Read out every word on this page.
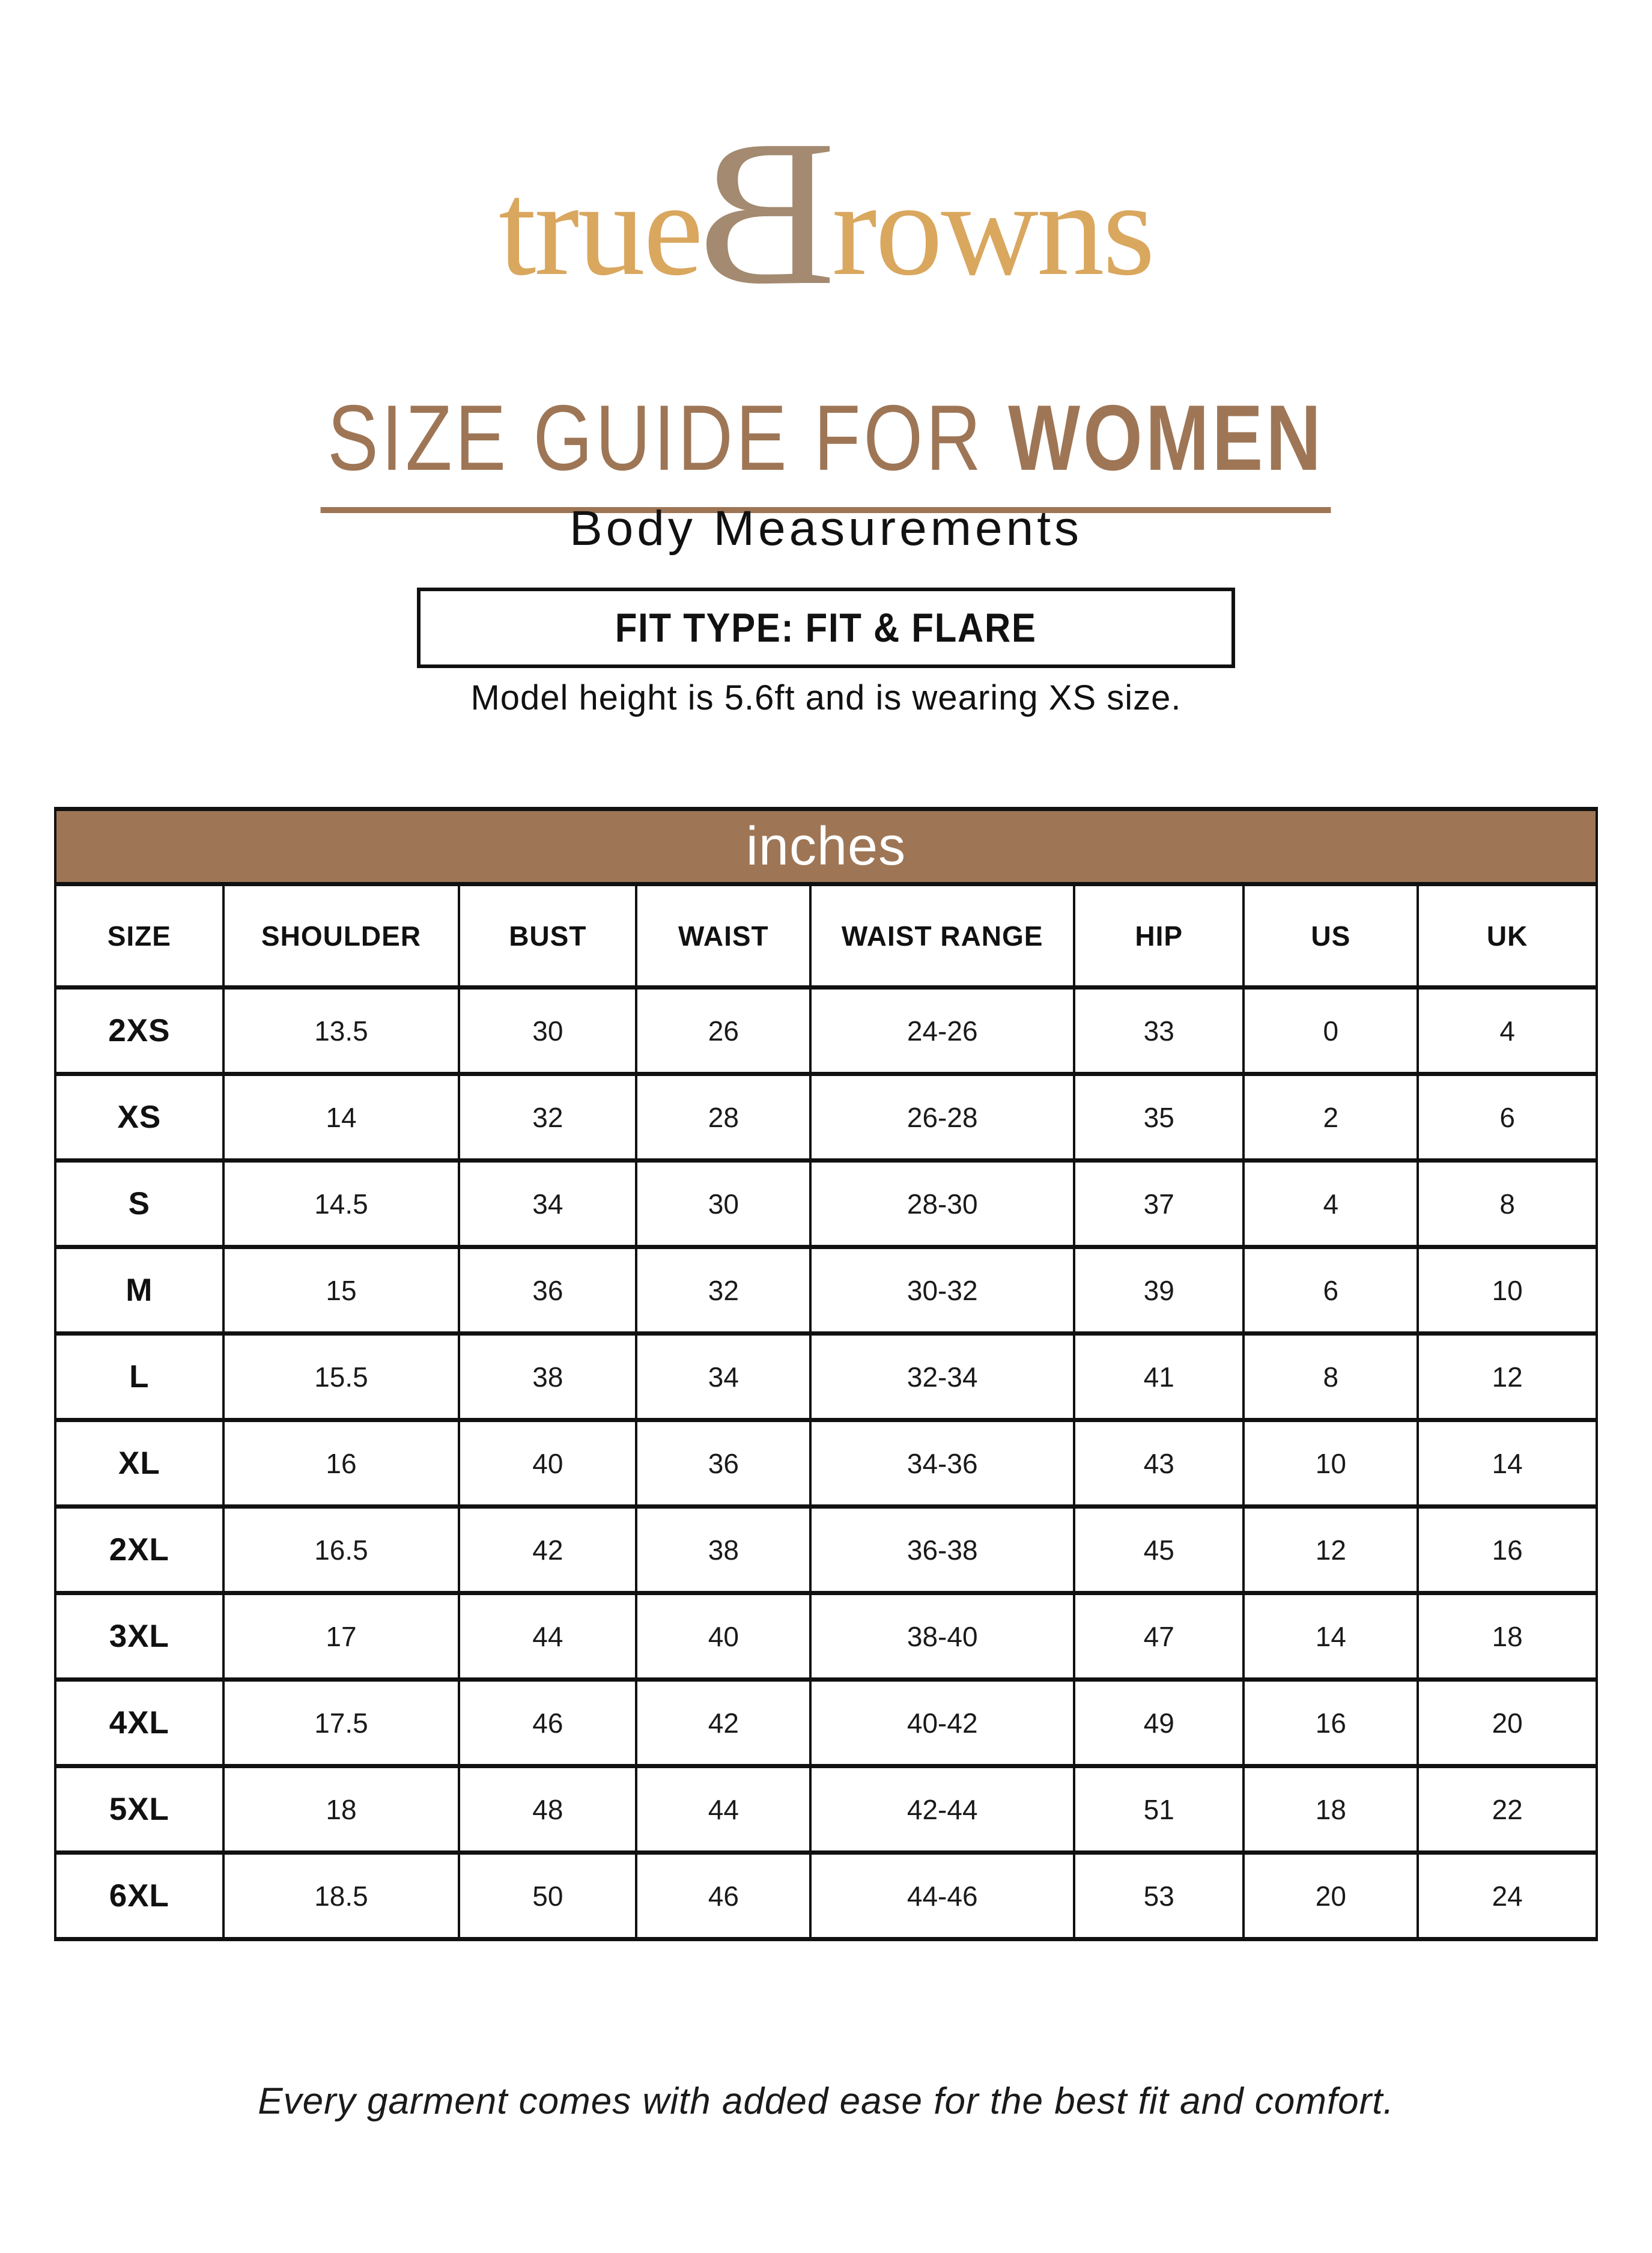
trueBrowns
SIZE GUIDE FOR WOMEN
Body Measurements
FIT TYPE: FIT & FLARE
Model height is 5.6ft and is wearing XS size.
inches							
SIZE	SHOULDER	BUST	WAIST	WAIST RANGE	HIP	US	UK
2XS	13.5	30	26	24-26	33	0	4
XS	14	32	28	26-28	35	2	6
S	14.5	34	30	28-30	37	4	8
M	15	36	32	30-32	39	6	10
L	15.5	38	34	32-34	41	8	12
XL	16	40	36	34-36	43	10	14
2XL	16.5	42	38	36-38	45	12	16
3XL	17	44	40	38-40	47	14	18
4XL	17.5	46	42	40-42	49	16	20
5XL	18	48	44	42-44	51	18	22
6XL	18.5	50	46	44-46	53	20	24
Every garment comes with added ease for the best fit and comfort.
